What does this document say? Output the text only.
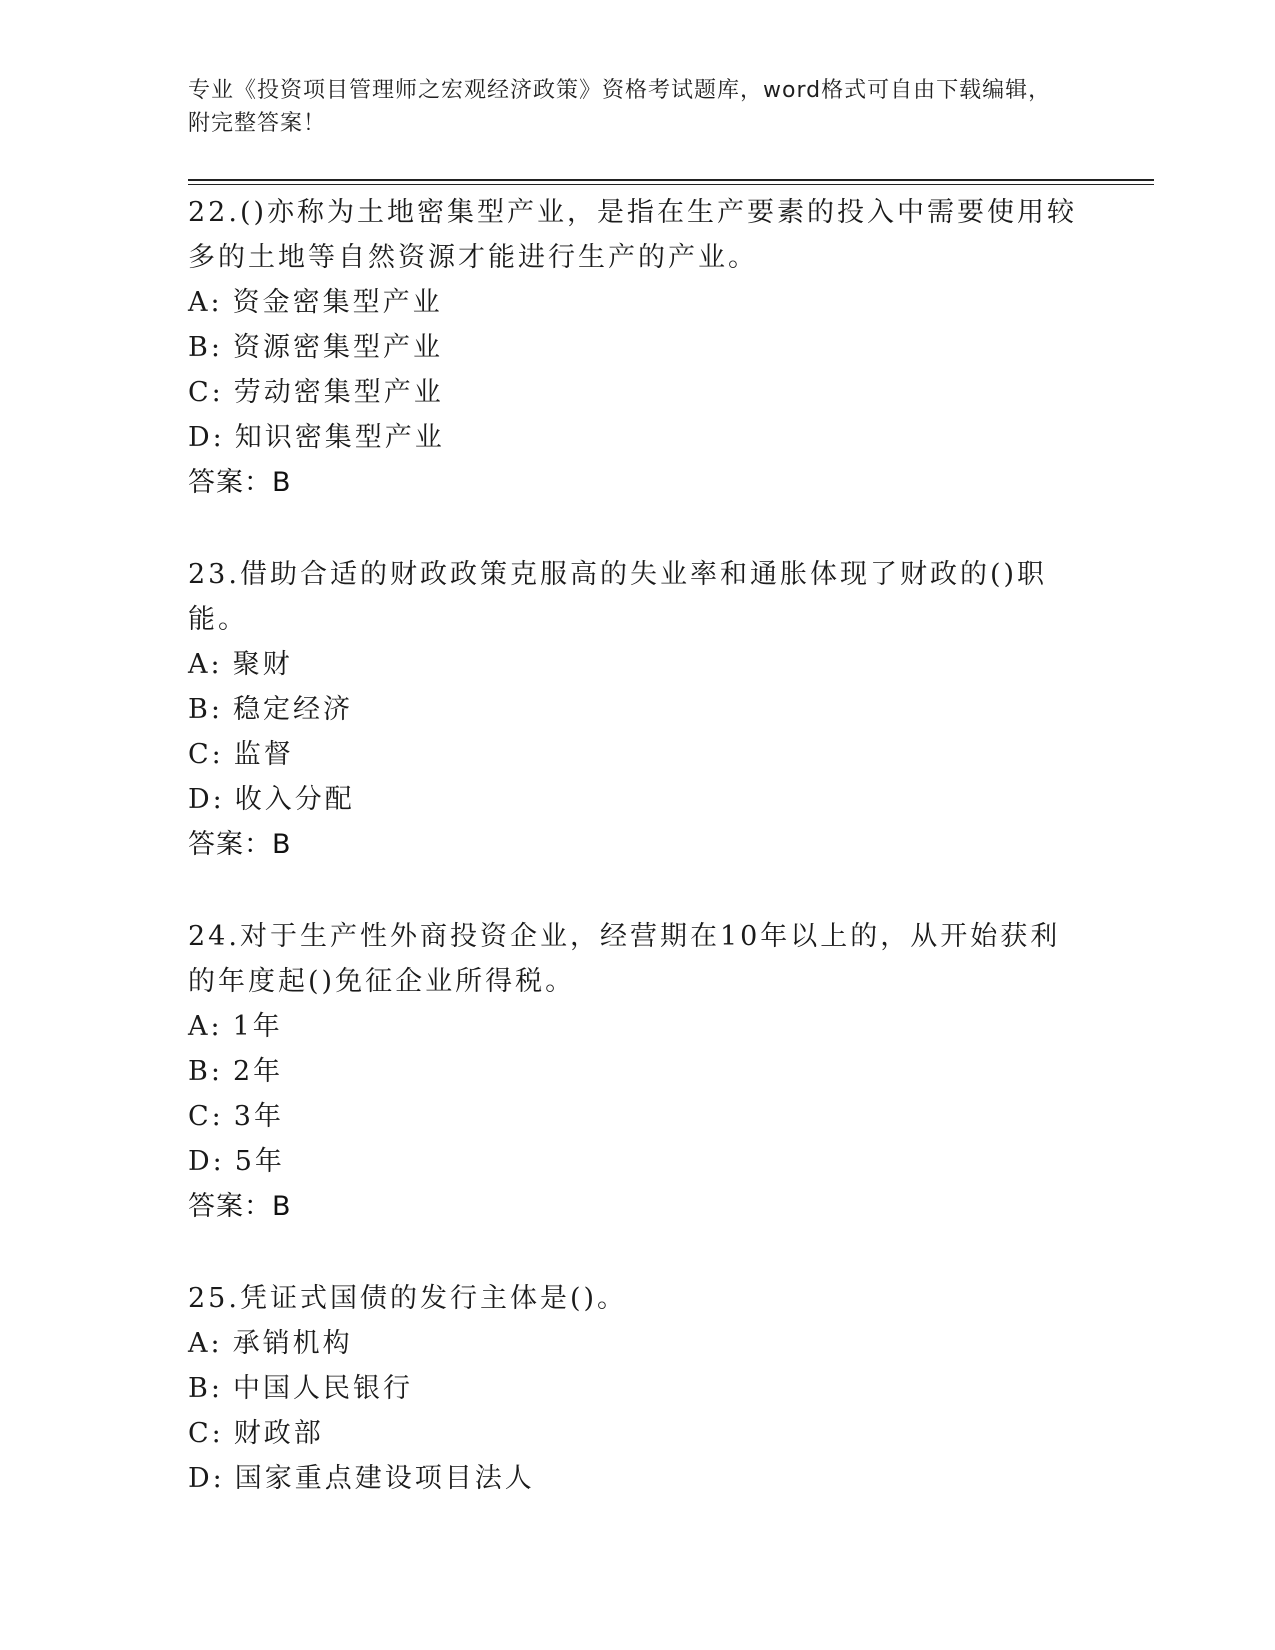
专业《投资项目管理师之宏观经济政策》资格考试题库，word格式可自由下载编辑，附完整答案！
22.()亦称为土地密集型产业，是指在生产要素的投入中需要使用较多的土地等自然资源才能进行生产的产业。
A: 资金密集型产业
B: 资源密集型产业
C: 劳动密集型产业
D: 知识密集型产业
答案：B
23.借助合适的财政政策克服高的失业率和通胀体现了财政的()职能。
A: 聚财
B: 稳定经济
C: 监督
D: 收入分配
答案：B
24.对于生产性外商投资企业，经营期在10年以上的，从开始获利的年度起()免征企业所得税。
A: 1年
B: 2年
C: 3年
D: 5年
答案：B
25.凭证式国债的发行主体是()。
A: 承销机构
B: 中国人民银行
C: 财政部
D: 国家重点建设项目法人
